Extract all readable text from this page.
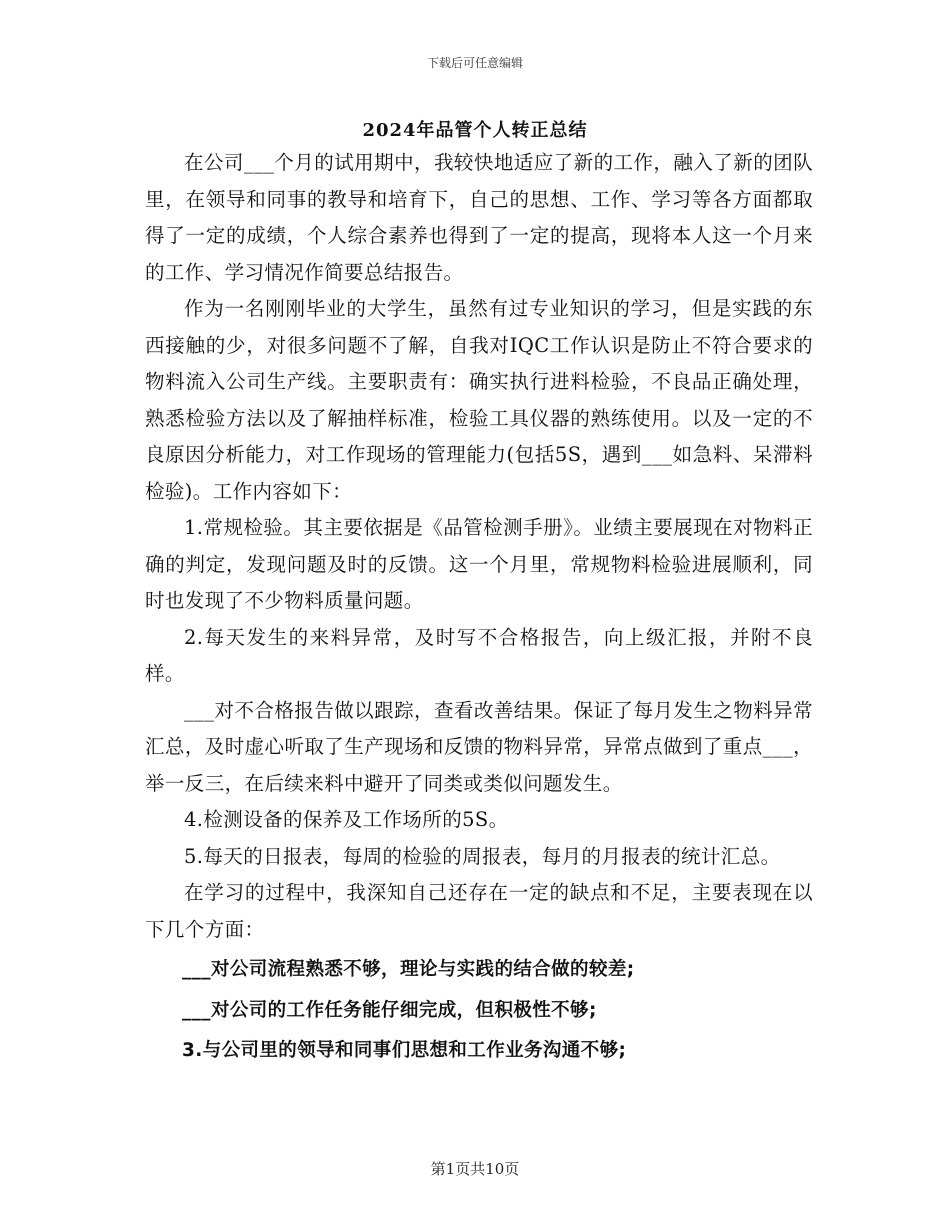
下载后可任意编辑
2024年品管个人转正总结

在公司___个月的试用期中，我较快地适应了新的工作，融入了新的团队里，在领导和同事的教导和培育下，自己的思想、工作、学习等各方面都取得了一定的成绩，个人综合素养也得到了一定的提高，现将本人这一个月来的工作、学习情况作简要总结报告。

作为一名刚刚毕业的大学生，虽然有过专业知识的学习，但是实践的东西接触的少，对很多问题不了解，自我对IQC工作认识是防止不符合要求的物料流入公司生产线。主要职责有：确实执行进料检验，不良品正确处理，熟悉检验方法以及了解抽样标准，检验工具仪器的熟练使用。以及一定的不良原因分析能力，对工作现场的管理能力(包括5S，遇到___如急料、呆滞料检验)。工作内容如下：

1.常规检验。其主要依据是《品管检测手册》。业绩主要展现在对物料正确的判定，发现问题及时的反馈。这一个月里，常规物料检验进展顺利，同时也发现了不少物料质量问题。

2.每天发生的来料异常，及时写不合格报告，向上级汇报，并附不良样。

___对不合格报告做以跟踪，查看改善结果。保证了每月发生之物料异常汇总，及时虚心听取了生产现场和反馈的物料异常，异常点做到了重点___，举一反三，在后续来料中避开了同类或类似问题发生。

4.检测设备的保养及工作场所的5S。

5.每天的日报表，每周的检验的周报表，每月的月报表的统计汇总。

在学习的过程中，我深知自己还存在一定的缺点和不足，主要表现在以下几个方面：

___对公司流程熟悉不够，理论与实践的结合做的较差;

___对公司的工作任务能仔细完成，但积极性不够;

3.与公司里的领导和同事们思想和工作业务沟通不够;

第1页共10页
